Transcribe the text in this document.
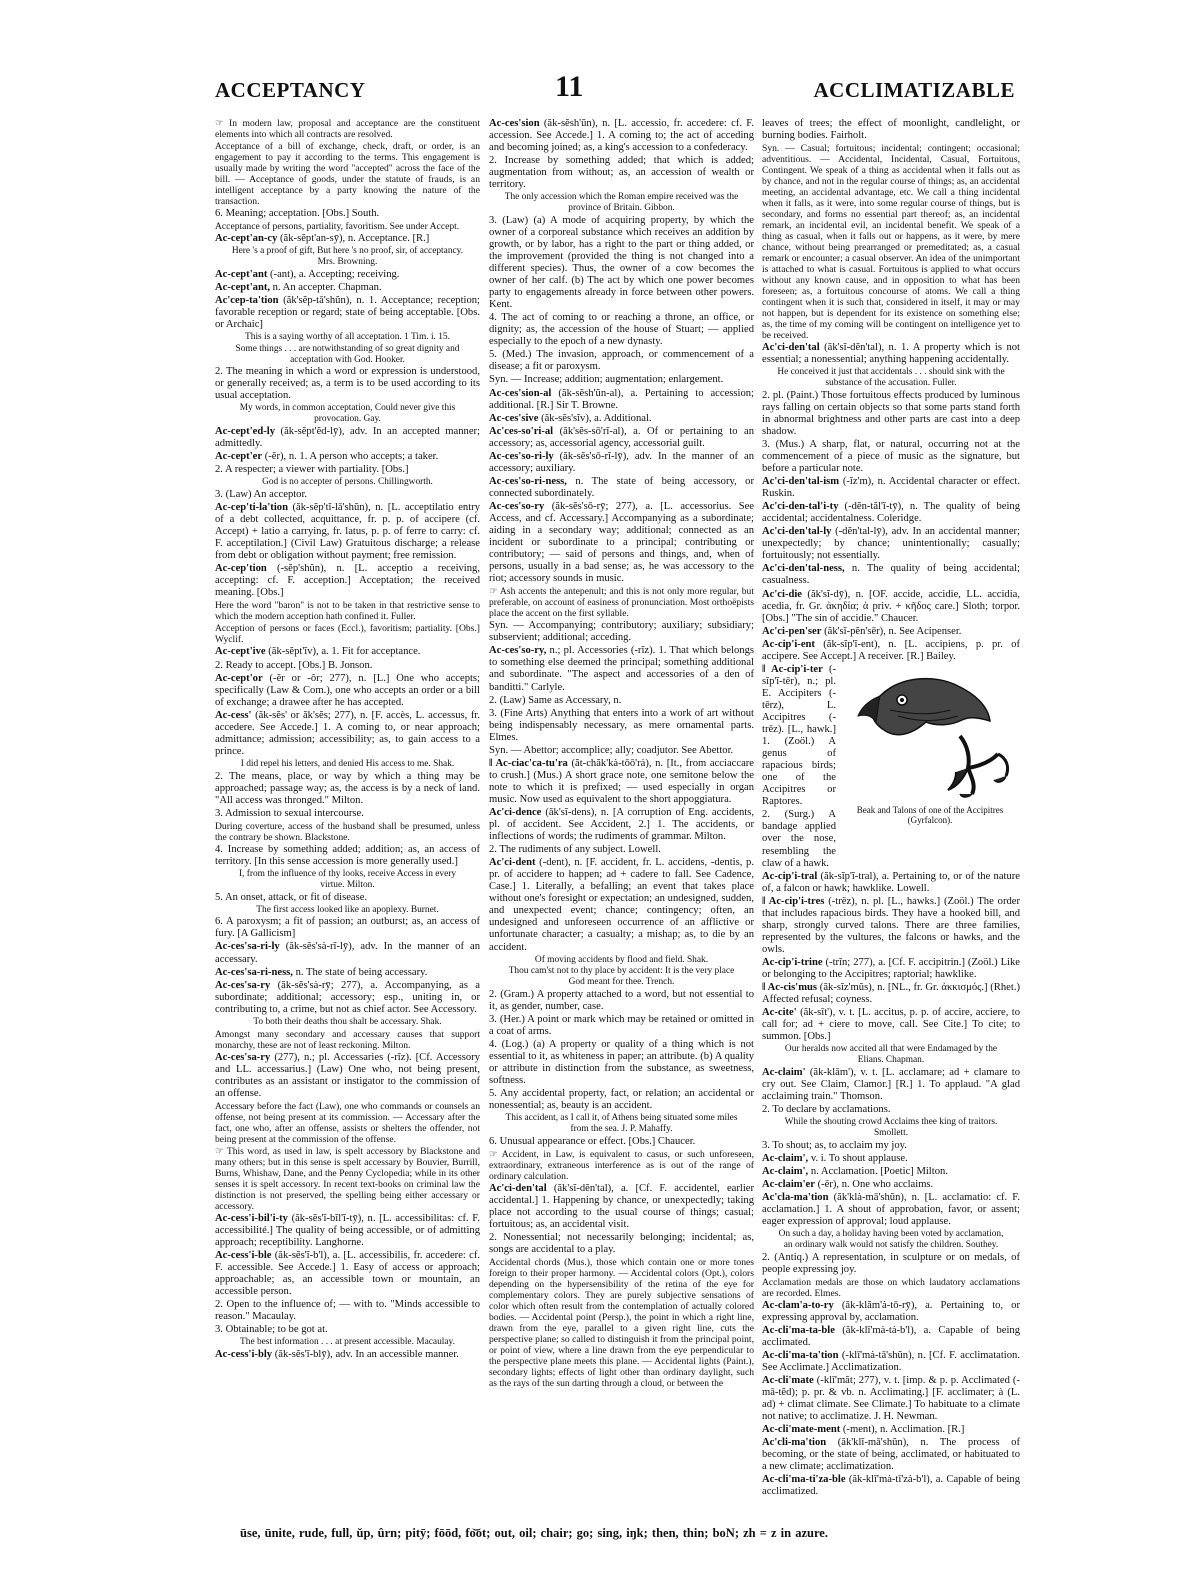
ACCEPTANCY	11	ACCLIMATIZABLE

☞ In modern law, proposal and acceptance are the constituent elements into which all contracts are resolved.

Acceptance of a bill of exchange, check, draft, or order, is an engagement to pay it according to the terms. This engagement is usually made by writing the word "accepted" across the face of the bill. — Acceptance of goods, under the statute of frauds, is an intelligent acceptance by a party knowing the nature of the transaction.

6. Meaning; acceptation. [Obs.] South.

Acceptance of persons, partiality, favoritism. See under Accept.

Ac-cept'an-cy (ăk-sĕpt'an-sȳ), n. Acceptance. [R.]

Here 's a proof of gift, But here 's no proof, sir, of acceptancy. Mrs. Browning.

Ac-cept'ant (-ant), a. Accepting; receiving.

Ac-cept'ant, n. An accepter. Chapman.

Ac'cep-ta'tion (ăk'sĕp-tā'shŭn), n. 1. Acceptance; reception; favorable reception or regard; state of being acceptable. [Obs. or Archaic]

This is a saying worthy of all acceptation. 1 Tim. i. 15.

Some things . . . are notwithstanding of so great dignity and acceptation with God. Hooker.

2. The meaning in which a word or expression is understood, or generally received; as, a term is to be used according to its usual acceptation.

My words, in common acceptation, Could never give this provocation. Gay.

Ac-cept'ed-ly (ăk-sĕpt'ĕd-lȳ), adv. In an accepted manner; admittedly.

Ac-cept'er (-ĕr), n. 1. A person who accepts; a taker.

2. A respecter; a viewer with partiality. [Obs.]

God is no accepter of persons. Chillingworth.

3. (Law) An acceptor.

Ac-cep'ti-la'tion (ăk-sĕp'tĭ-lā'shŭn), n. [L. acceptilatio entry of a debt collected, acquittance, fr. p. p. of accipere (cf. Accept) + latio a carrying, fr. latus, p. p. of ferre to carry: cf. F. acceptilation.] (Civil Law) Gratuitous discharge; a release from debt or obligation without payment; free remission.

Ac-cep'tion (-sĕp'shŭn), n. [L. acceptio a receiving, accepting: cf. F. acception.] Acceptation; the received meaning. [Obs.]

Here the word "baron" is not to be taken in that restrictive sense to which the modern acception hath confined it. Fuller.

Acception of persons or faces (Eccl.), favoritism; partiality. [Obs.] Wyclif.

Ac-cept'ive (ăk-sĕpt'ĭv), a. 1. Fit for acceptance.

2. Ready to accept. [Obs.] B. Jonson.

Ac-cept'or (-ĕr or -ôr; 277), n. [L.] One who accepts; specifically (Law & Com.), one who accepts an order or a bill of exchange; a drawee after he has accepted.

Ac-cess' (ăk-sĕs' or ăk'sĕs; 277), n. [F. accès, L. accessus, fr. accedere. See Accede.] 1. A coming to, or near approach; admittance; admission; accessibility; as, to gain access to a prince.

I did repel his letters, and denied His access to me. Shak.

2. The means, place, or way by which a thing may be approached; passage way; as, the access is by a neck of land. "All access was thronged." Milton.

3. Admission to sexual intercourse.

During coverture, access of the husband shall be presumed, unless the contrary be shown. Blackstone.

4. Increase by something added; addition; as, an access of territory. [In this sense accession is more generally used.]

I, from the influence of thy looks, receive Access in every virtue. Milton.

5. An onset, attack, or fit of disease.

The first access looked like an apoplexy. Burnet.

6. A paroxysm; a fit of passion; an outburst; as, an access of fury. [A Gallicism]

Ac-ces'sa-ri-ly (ăk-sĕs'sȧ-rĭ-lȳ), adv. In the manner of an accessary.

Ac-ces'sa-ri-ness, n. The state of being accessary.

Ac-ces'sa-ry (ăk-sĕs'sȧ-rȳ; 277), a. Accompanying, as a subordinate; additional; accessory; esp., uniting in, or contributing to, a crime, but not as chief actor. See Accessory.

To both their deaths thou shalt be accessary. Shak.

Amongst many secondary and accessary causes that support monarchy, these are not of least reckoning. Milton.

Ac-ces'sa-ry (277), n.; pl. Accessaries (-rĭz). [Cf. Accessory and LL. accessarius.] (Law) One who, not being present, contributes as an assistant or instigator to the commission of an offense.

Accessary before the fact (Law), one who commands or counsels an offense, not being present at its commission. — Accessary after the fact, one who, after an offense, assists or shelters the offender, not being present at the commission of the offense.

☞ This word, as used in law, is spelt accessory by Blackstone and many others; but in this sense is spelt accessary by Bouvier, Burrill, Burns, Whishaw, Dane, and the Penny Cyclopedia; while in its other senses it is spelt accessory. In recent text-books on criminal law the distinction is not preserved, the spelling being either accessary or accessory.

Ac-cess'i-bil'i-ty (ăk-sĕs'ĭ-bĭl'ĭ-tȳ), n. [L. accessibilitas: cf. F. accessibilité.] The quality of being accessible, or of admitting approach; receptibility. Langhorne.

Ac-cess'i-ble (ăk-sĕs'ĭ-b'l), a. [L. accessibilis, fr. accedere: cf. F. accessible. See Accede.] 1. Easy of access or approach; approachable; as, an accessible town or mountain, an accessible person.

2. Open to the influence of; — with to. "Minds accessible to reason." Macaulay.

3. Obtainable; to be got at.

The best information . . . at present accessible. Macaulay.

Ac-cess'i-bly (ăk-sĕs'ĭ-blȳ), adv. In an accessible manner.

Ac-ces'sion (ăk-sĕsh'ŭn), n. [L. accessio, fr. accedere: cf. F. accession. See Accede.] 1. A coming to; the act of acceding and becoming joined; as, a king's accession to a confederacy.

2. Increase by something added; that which is added; augmentation from without; as, an accession of wealth or territory.

The only accession which the Roman empire received was the province of Britain. Gibbon.

3. (Law) (a) A mode of acquiring property, by which the owner of a corporeal substance which receives an addition by growth, or by labor, has a right to the part or thing added, or the improvement (provided the thing is not changed into a different species). Thus, the owner of a cow becomes the owner of her calf. (b) The act by which one power becomes party to engagements already in force between other powers. Kent.

4. The act of coming to or reaching a throne, an office, or dignity; as, the accession of the house of Stuart; — applied especially to the epoch of a new dynasty.

5. (Med.) The invasion, approach, or commencement of a disease; a fit or paroxysm.

Syn. — Increase; addition; augmentation; enlargement.

Ac-ces'sion-al (ăk-sĕsh'ŭn-al), a. Pertaining to accession; additional. [R.] Sir T. Browne.

Ac-ces'sive (ăk-sĕs'sĭv), a. Additional.

Ac'ces-so'ri-al (ăk'sĕs-sō'rĭ-al), a. Of or pertaining to an accessory; as, accessorial agency, accessorial guilt.

Ac-ces'so-ri-ly (ăk-sĕs'sō-rĭ-lȳ), adv. In the manner of an accessory; auxiliary.

Ac-ces'so-ri-ness, n. The state of being accessory, or connected subordinately.

Ac-ces'so-ry (ăk-sĕs'sō-rȳ; 277), a. [L. accessorius. See Access, and cf. Accessary.] Accompanying as a subordinate; aiding in a secondary way; additional; connected as an incident or subordinate to a principal; contributing or contributory; — said of persons and things, and, when of persons, usually in a bad sense; as, he was accessory to the riot; accessory sounds in music.

☞ Ash accents the antepenult; and this is not only more regular, but preferable, on account of easiness of pronunciation. Most orthoëpists place the accent on the first syllable.

Syn. — Accompanying; contributory; auxiliary; subsidiary; subservient; additional; acceding.

Ac-ces'so-ry, n.; pl. Accessories (-rĭz). 1. That which belongs to something else deemed the principal; something additional and subordinate. "The aspect and accessories of a den of banditti." Carlyle.

2. (Law) Same as Accessary, n.

3. (Fine Arts) Anything that enters into a work of art without being indispensably necessary, as mere ornamental parts. Elmes.

Syn. — Abettor; accomplice; ally; coadjutor. See Abettor.

‖ Ac-ciac'ca-tu'ra (ăt-chăk'kȧ-tōō'rȧ), n. [It., from acciaccare to crush.] (Mus.) A short grace note, one semitone below the note to which it is prefixed; — used especially in organ music. Now used as equivalent to the short appoggiatura.

Ac'ci-dence (ăk'sĭ-dens), n. [A corruption of Eng. accidents, pl. of accident. See Accident, 2.] 1. The accidents, or inflections of words; the rudiments of grammar. Milton.

2. The rudiments of any subject. Lowell.

Ac'ci-dent (-dent), n. [F. accident, fr. L. accidens, -dentis, p. pr. of accidere to happen; ad + cadere to fall. See Cadence, Case.] 1. Literally, a befalling; an event that takes place without one's foresight or expectation; an undesigned, sudden, and unexpected event; chance; contingency; often, an undesigned and unforeseen occurrence of an afflictive or unfortunate character; a casualty; a mishap; as, to die by an accident.

Of moving accidents by flood and field. Shak.

Thou cam'st not to thy place by accident: It is the very place God meant for thee. Trench.

2. (Gram.) A property attached to a word, but not essential to it, as gender, number, case.

3. (Her.) A point or mark which may be retained or omitted in a coat of arms.

4. (Log.) (a) A property or quality of a thing which is not essential to it, as whiteness in paper; an attribute. (b) A quality or attribute in distinction from the substance, as sweetness, softness.

5. Any accidental property, fact, or relation; an accidental or nonessential; as, beauty is an accident.

This accident, as I call it, of Athens being situated some miles from the sea. J. P. Mahaffy.

6. Unusual appearance or effect. [Obs.] Chaucer.

☞ Accident, in Law, is equivalent to casus, or such unforeseen, extraordinary, extraneous interference as is out of the range of ordinary calculation.

Ac'ci-den'tal (ăk'sĭ-dĕn'tal), a. [Cf. F. accidentel, earlier accidental.] 1. Happening by chance, or unexpectedly; taking place not according to the usual course of things; casual; fortuitous; as, an accidental visit.

2. Nonessential; not necessarily belonging; incidental; as, songs are accidental to a play.

Accidental chords (Mus.), those which contain one or more tones foreign to their proper harmony. — Accidental colors (Opt.), colors depending on the hypersensibility of the retina of the eye for complementary colors. They are purely subjective sensations of color which often result from the contemplation of actually colored bodies. — Accidental point (Persp.), the point in which a right line, drawn from the eye, parallel to a given right line, cuts the perspective plane; so called to distinguish it from the principal point, or point of view, where a line drawn from the eye perpendicular to the perspective plane meets this plane. — Accidental lights (Paint.), secondary lights; effects of light other than ordinary daylight, such as the rays of the sun darting through a cloud, or between the

leaves of trees; the effect of moonlight, candlelight, or burning bodies. Fairholt.

Syn. — Casual; fortuitous; incidental; contingent; occasional; adventitious. — Accidental, Incidental, Casual, Fortuitous, Contingent. We speak of a thing as accidental when it falls out as by chance, and not in the regular course of things; as, an accidental meeting, an accidental advantage, etc. We call a thing incidental when it falls, as it were, into some regular course of things, but is secondary, and forms no essential part thereof; as, an incidental remark, an incidental evil, an incidental benefit. We speak of a thing as casual, when it falls out or happens, as it were, by mere chance, without being prearranged or premeditated; as, a casual remark or encounter; a casual observer. An idea of the unimportant is attached to what is casual. Fortuitous is applied to what occurs without any known cause, and in opposition to what has been foreseen; as, a fortuitous concourse of atoms. We call a thing contingent when it is such that, considered in itself, it may or may not happen, but is dependent for its existence on something else; as, the time of my coming will be contingent on intelligence yet to be received.

Ac'ci-den'tal (ăk'sĭ-dĕn'tal), n. 1. A property which is not essential; a nonessential; anything happening accidentally.

He conceived it just that accidentals . . . should sink with the substance of the accusation. Fuller.

2. pl. (Paint.) Those fortuitous effects produced by luminous rays falling on certain objects so that some parts stand forth in abnormal brightness and other parts are cast into a deep shadow.

3. (Mus.) A sharp, flat, or natural, occurring not at the commencement of a piece of music as the signature, but before a particular note.

Ac'ci-den'tal-ism (-ĭz'm), n. Accidental character or effect. Ruskin.

Ac'ci-den-tal'i-ty (-dĕn-tăl'ĭ-tȳ), n. The quality of being accidental; accidentalness. Coleridge.

Ac'ci-den'tal-ly (-dĕn'tal-lȳ), adv. In an accidental manner; unexpectedly; by chance; unintentionally; casually; fortuitously; not essentially.

Ac'ci-den'tal-ness, n. The quality of being accidental; casualness.

Ac'ci-die (ăk'sĭ-dȳ), n. [OF. accide, accidie, LL. accidia, acedia, fr. Gr. ἀκηδία; ἀ priv. + κῆδος care.] Sloth; torpor. [Obs.] "The sin of accidie." Chaucer.

Ac'ci-pen'ser (ăk'sĭ-pĕn'sēr), n. See Acipenser.

Ac-cip'i-ent (ăk-sĭp'ĭ-ent), n. [L. accipiens, p. pr. of accipere. See Accept.] A receiver. [R.] Bailey.

Beak and Talons of one of the Accipitres (Gyrfalcon).

‖ Ac-cip'i-ter (-sĭp'ĭ-tēr), n.; pl. E. Accipiters (-tērz), L. Accipitres (-trēz). [L., hawk.] 1. (Zoöl.) A genus of rapacious birds; one of the Accipitres or Raptores.

2. (Surg.) A bandage applied over the nose, resembling the claw of a hawk.

Ac-cip'i-tral (ăk-sĭp'ĭ-tral), a. Pertaining to, or of the nature of, a falcon or hawk; hawklike. Lowell.

‖ Ac-cip'i-tres (-trēz), n. pl. [L., hawks.] (Zoöl.) The order that includes rapacious birds. They have a hooked bill, and sharp, strongly curved talons. There are three families, represented by the vultures, the falcons or hawks, and the owls.

Ac-cip'i-trine (-trĭn; 277), a. [Cf. F. accipitrin.] (Zoöl.) Like or belonging to the Accipitres; raptorial; hawklike.

‖ Ac-cis'mus (ăk-sĭz'mŭs), n. [NL., fr. Gr. ἀκκισμός.] (Rhet.) Affected refusal; coyness.

Ac-cite' (ăk-sīt'), v. t. [L. accitus, p. p. of accire, acciere, to call for; ad + ciere to move, call. See Cite.] To cite; to summon. [Obs.]

Our heralds now accited all that were Endamaged by the Elians. Chapman.

Ac-claim' (ăk-klām'), v. t. [L. acclamare; ad + clamare to cry out. See Claim, Clamor.] [R.] 1. To applaud. "A glad acclaiming train." Thomson.

2. To declare by acclamations.

While the shouting crowd Acclaims thee king of traitors. Smollett.

3. To shout; as, to acclaim my joy.

Ac-claim', v. i. To shout applause.

Ac-claim', n. Acclamation. [Poetic] Milton.

Ac-claim'er (-ēr), n. One who acclaims.

Ac'cla-ma'tion (ăk'klȧ-mā'shŭn), n. [L. acclamatio: cf. F. acclamation.] 1. A shout of approbation, favor, or assent; eager expression of approval; loud applause.

On such a day, a holiday having been voted by acclamation, an ordinary walk would not satisfy the children. Southey.

2. (Antiq.) A representation, in sculpture or on medals, of people expressing joy.

Acclamation medals are those on which laudatory acclamations are recorded. Elmes.

Ac-clam'a-to-ry (ăk-klăm'ȧ-tō-rȳ), a. Pertaining to, or expressing approval by, acclamation.

Ac-cli'ma-ta-ble (ăk-klī'mȧ-tȧ-b'l), a. Capable of being acclimated.

Ac-cli'ma-ta'tion (-klī'mȧ-tā'shŭn), n. [Cf. F. acclimatation. See Acclimate.] Acclimatization.

Ac-cli'mate (-klī'măt; 277), v. t. [imp. & p. p. Acclimated (-mā-tĕd); p. pr. & vb. n. Acclimating.] [F. acclimater; à (L. ad) + climat climate. See Climate.] To habituate to a climate not native; to acclimatize. J. H. Newman.

Ac-cli'mate-ment (-ment), n. Acclimation. [R.]

Ac'cli-ma'tion (ăk'klĭ-mā'shŭn), n. The process of becoming, or the state of being, acclimated, or habituated to a new climate; acclimatization.

Ac-cli'ma-ti'za-ble (ăk-klī'mȧ-tī'zȧ-b'l), a. Capable of being acclimatized.

ūse, ūnite, rude, full, ŭp, ûrn; pitȳ; fōōd, fo͝ot; out, oil; chair; go; sing, iŋk; then, thin; boN; zh = z in azure.
